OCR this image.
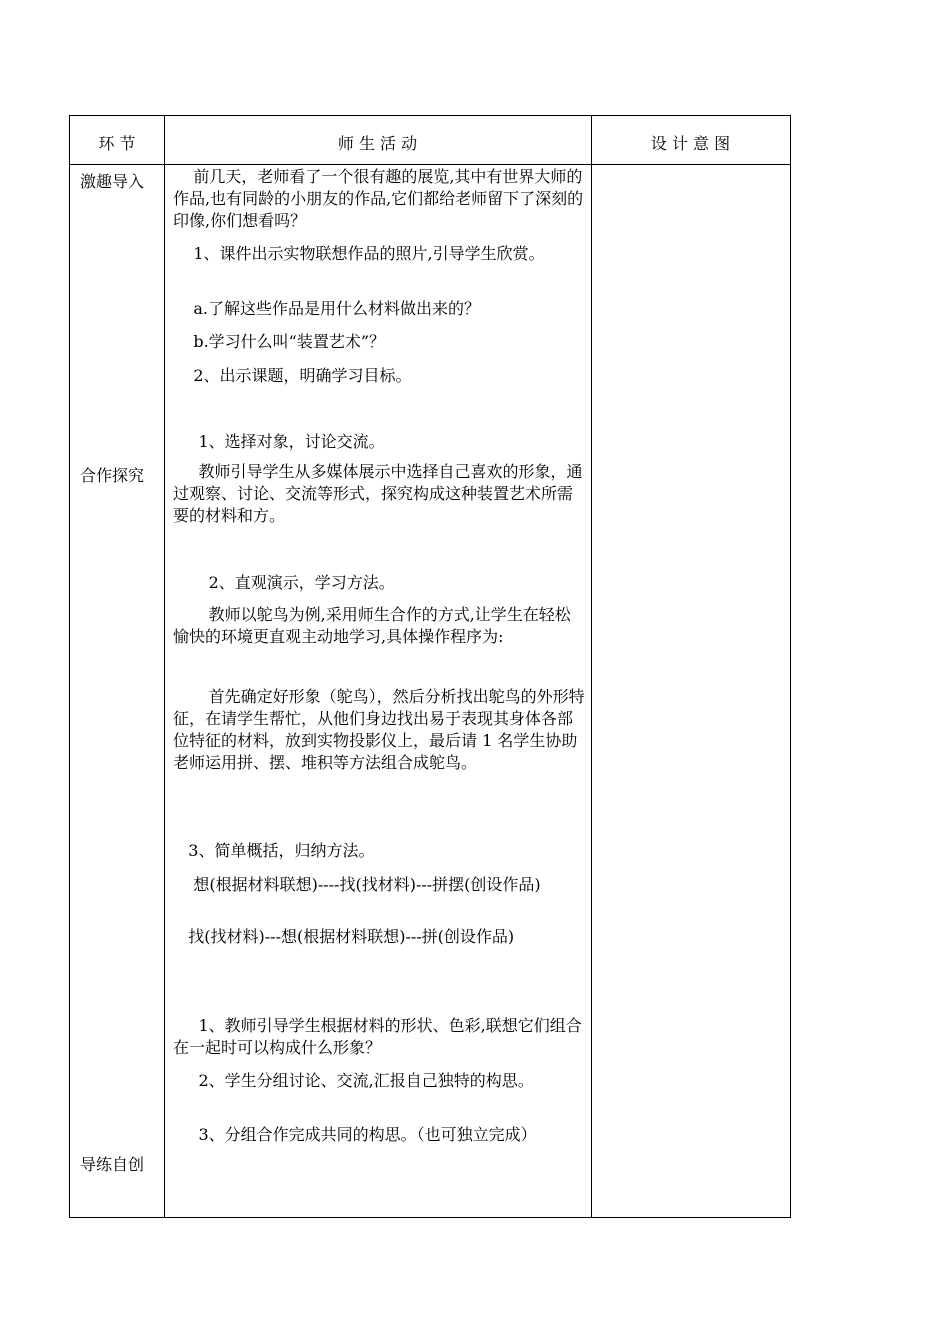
环 节	师 生 活 动	设 计 意 图
激趣导入
合作探究
导练自创

前几天，老师看了一个很有趣的展览,其中有世界大师的作品,也有同龄的小朋友的作品,它们都给老师留下了深刻的印像,你们想看吗？

1、课件出示实物联想作品的照片,引导学生欣赏。

a.了解这些作品是用什么材料做出来的？

b.学习什么叫“装置艺术”？

2、出示课题，明确学习目标。

1、选择对象，讨论交流。

教师引导学生从多媒体展示中选择自己喜欢的形象，通过观察、讨论、交流等形式，探究构成这种装置艺术所需要的材料和方。

2、直观演示，学习方法。

教师以鸵鸟为例,采用师生合作的方式,让学生在轻松愉快的环境更直观主动地学习,具体操作程序为:

首先确定好形象（鸵鸟），然后分析找出鸵鸟的外形特征，在请学生帮忙，从他们身边找出易于表现其身体各部位特征的材料，放到实物投影仪上，最后请 1 名学生协助老师运用拼、摆、堆积等方法组合成鸵鸟。

3、简单概括，归纳方法。

想(根据材料联想)----找(找材料)---拼摆(创设作品)

找(找材料)---想(根据材料联想)---拼(创设作品)

1、教师引导学生根据材料的形状、色彩,联想它们组合在一起时可以构成什么形象？

2、学生分组讨论、交流,汇报自己独特的构思。

3、分组合作完成共同的构思。（也可独立完成）
